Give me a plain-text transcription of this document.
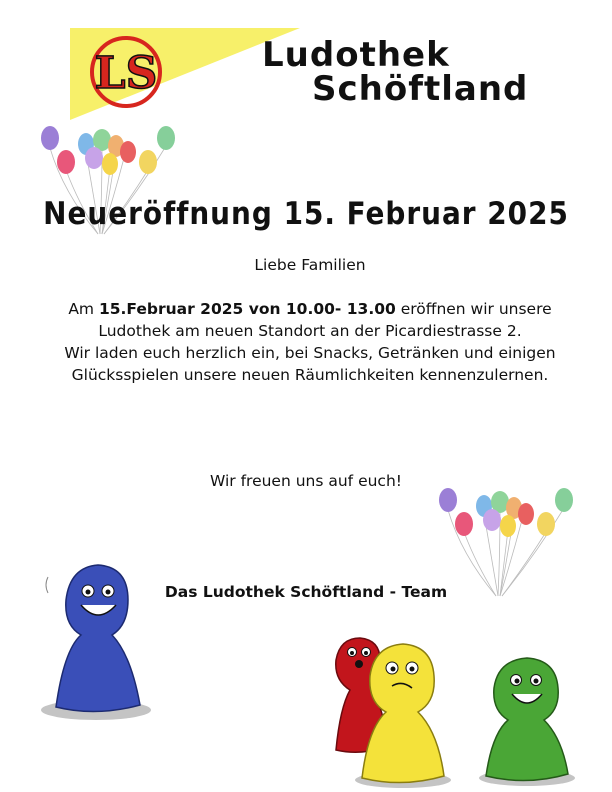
LS	Ludothek
Schöftland
Neueröffnung 15. Februar 2025

Liebe Familien

Am 15.Februar 2025 von 10.00- 13.00 eröffnen wir unsere Ludothek am neuen Standort an der Picardiestrasse 2.

Wir laden euch herzlich ein, bei Snacks, Getränken und einigen Glücksspielen unsere neuen Räumlichkeiten kennenzulernen.

Wir freuen uns auf euch!
Das Ludothek Schöftland - Team
